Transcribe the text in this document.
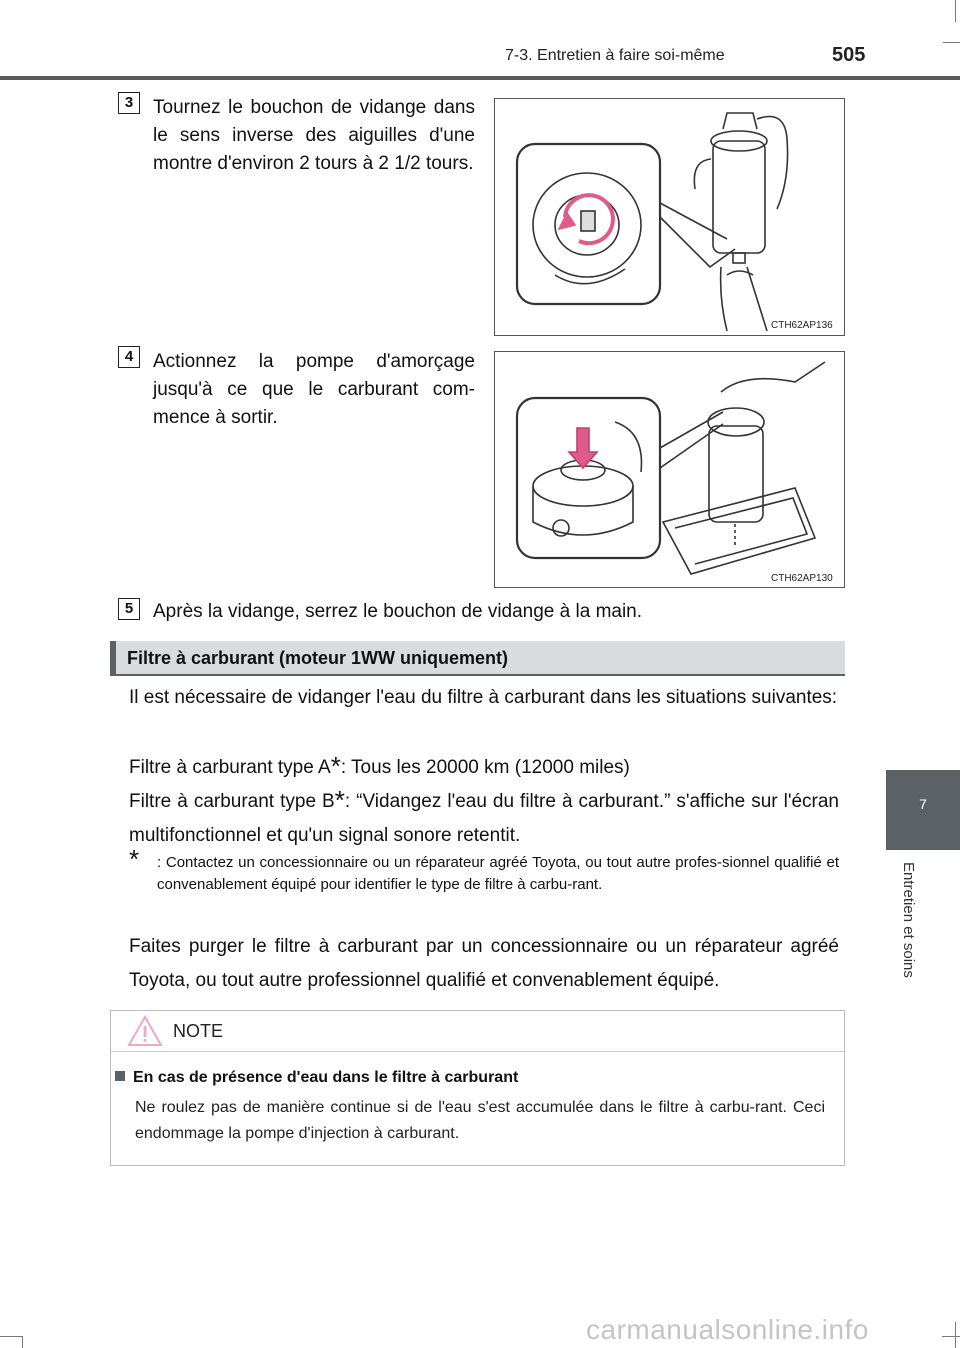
7-3. Entretien à faire soi-même	505
7
Entretien et soins
3	Tournez le bouchon de vidange dans le sens inverse des aiguilles d'une montre d'environ 2 tours à 2 1/2 tours.
CTH62AP136
4	Actionnez la pompe d'amorçage jusqu'à ce que le carburant com-mence à sortir.
CTH62AP130
5	Après la vidange, serrez le bouchon de vidange à la main.
Filtre à carburant (moteur 1WW uniquement)
Il est nécessaire de vidanger l'eau du filtre à carburant dans les situations suivantes:
Filtre à carburant type A*: Tous les 20000 km (12000 miles)
Filtre à carburant type B*: “Vidangez l'eau du filtre à carburant.” s'affiche sur l'écran multifonctionnel et qu'un signal sonore retentit.
*	: Contactez un concessionnaire ou un réparateur agréé Toyota, ou tout autre profes-sionnel qualifié et convenablement équipé pour identifier le type de filtre à carbu-rant.
Faites purger le filtre à carburant par un concessionnaire ou un réparateur agréé Toyota, ou tout autre professionnel qualifié et convenablement équipé.
NOTE
En cas de présence d'eau dans le filtre à carburant
Ne roulez pas de manière continue si de l'eau s'est accumulée dans le filtre à carbu-rant. Ceci endommage la pompe d'injection à carburant.
carmanualsonline.info
